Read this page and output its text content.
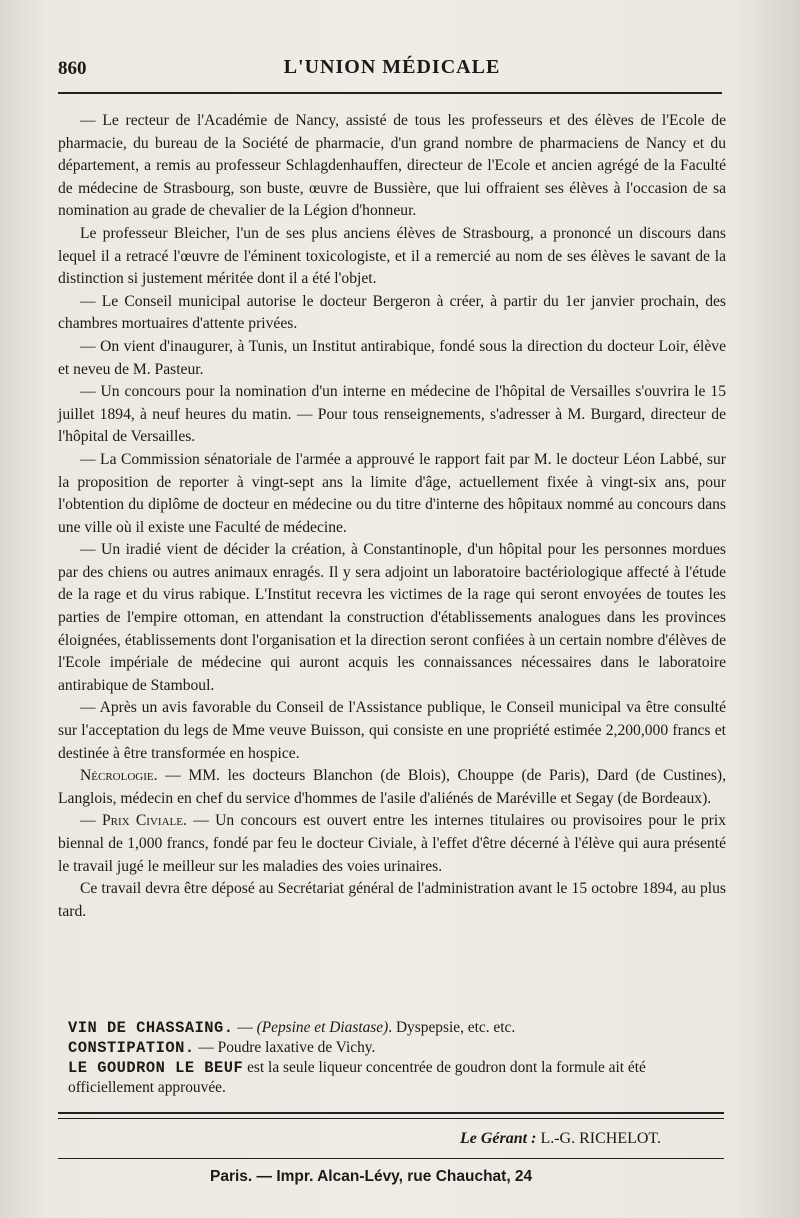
860	L'UNION MÉDICALE

— Le recteur de l'Académie de Nancy, assisté de tous les professeurs et des élèves de l'Ecole de pharmacie, du bureau de la Société de pharmacie, d'un grand nombre de pharmaciens de Nancy et du département, a remis au professeur Schlagdenhauffen, directeur de l'Ecole et ancien agrégé de la Faculté de médecine de Strasbourg, son buste, œuvre de Bussière, que lui offraient ses élèves à l'occasion de sa nomination au grade de chevalier de la Légion d'honneur.

Le professeur Bleicher, l'un de ses plus anciens élèves de Strasbourg, a prononcé un discours dans lequel il a retracé l'œuvre de l'éminent toxicologiste, et il a remercié au nom de ses élèves le savant de la distinction si justement méritée dont il a été l'objet.

— Le Conseil municipal autorise le docteur Bergeron à créer, à partir du 1er janvier prochain, des chambres mortuaires d'attente privées.

— On vient d'inaugurer, à Tunis, un Institut antirabique, fondé sous la direction du docteur Loir, élève et neveu de M. Pasteur.

— Un concours pour la nomination d'un interne en médecine de l'hôpital de Versailles s'ouvrira le 15 juillet 1894, à neuf heures du matin. — Pour tous renseignements, s'adresser à M. Burgard, directeur de l'hôpital de Versailles.

— La Commission sénatoriale de l'armée a approuvé le rapport fait par M. le docteur Léon Labbé, sur la proposition de reporter à vingt-sept ans la limite d'âge, actuellement fixée à vingt-six ans, pour l'obtention du diplôme de docteur en médecine ou du titre d'interne des hôpitaux nommé au concours dans une ville où il existe une Faculté de médecine.

— Un iradié vient de décider la création, à Constantinople, d'un hôpital pour les personnes mordues par des chiens ou autres animaux enragés. Il y sera adjoint un laboratoire bactériologique affecté à l'étude de la rage et du virus rabique. L'Institut recevra les victimes de la rage qui seront envoyées de toutes les parties de l'empire ottoman, en attendant la construction d'établissements analogues dans les provinces éloignées, établissements dont l'organisation et la direction seront confiées à un certain nombre d'élèves de l'Ecole impériale de médecine qui auront acquis les connaissances nécessaires dans le laboratoire antirabique de Stamboul.

— Après un avis favorable du Conseil de l'Assistance publique, le Conseil municipal va être consulté sur l'acceptation du legs de Mme veuve Buisson, qui consiste en une propriété estimée 2,200,000 francs et destinée à être transformée en hospice.

Nécrologie. — MM. les docteurs Blanchon (de Blois), Chouppe (de Paris), Dard (de Custines), Langlois, médecin en chef du service d'hommes de l'asile d'aliénés de Maréville et Segay (de Bordeaux).

— Prix Civiale. — Un concours est ouvert entre les internes titulaires ou provisoires pour le prix biennal de 1,000 francs, fondé par feu le docteur Civiale, à l'effet d'être décerné à l'élève qui aura présenté le travail jugé le meilleur sur les maladies des voies urinaires.

Ce travail devra être déposé au Secrétariat général de l'administration avant le 15 octobre 1894, au plus tard.

VIN DE CHASSAING. — (Pepsine et Diastase). Dyspepsie, etc. etc.

CONSTIPATION. — Poudre laxative de Vichy.

LE GOUDRON LE BEUF est la seule liqueur concentrée de goudron dont la formule ait été officiellement approuvée.

Le Gérant : L.-G. RICHELOT.
Paris. — Impr. Alcan-Lévy, rue Chauchat, 24
